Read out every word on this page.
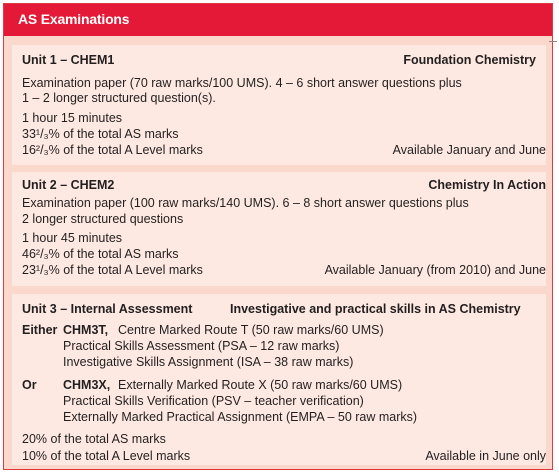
AS Examinations
Unit 1 – CHEM1	Foundation Chemistry
Examination paper (70 raw marks/100 UMS). 4 – 6 short answer questions plus
1 – 2 longer structured question(s).
1 hour 15 minutes
33¹/₃% of the total AS marks
16²/₃% of the total A Level marks	Available January and June
Unit 2 – CHEM2	Chemistry In Action
Examination paper (100 raw marks/140 UMS). 6 – 8 short answer questions plus
2 longer structured questions
1 hour 45 minutes
46²/₃% of the total AS marks
23¹/₃% of the total A Level marks	Available January (from 2010) and June
Unit 3 – Internal Assessment	Investigative and practical skills in AS Chemistry
Either CHM3T, Centre Marked Route T (50 raw marks/60 UMS)
Practical Skills Assessment (PSA – 12 raw marks)
Investigative Skills Assignment (ISA – 38 raw marks)
Or CHM3X, Externally Marked Route X (50 raw marks/60 UMS)
Practical Skills Verification (PSV – teacher verification)
Externally Marked Practical Assignment (EMPA – 50 raw marks)
20% of the total AS marks
10% of the total A Level marks	Available in June only
